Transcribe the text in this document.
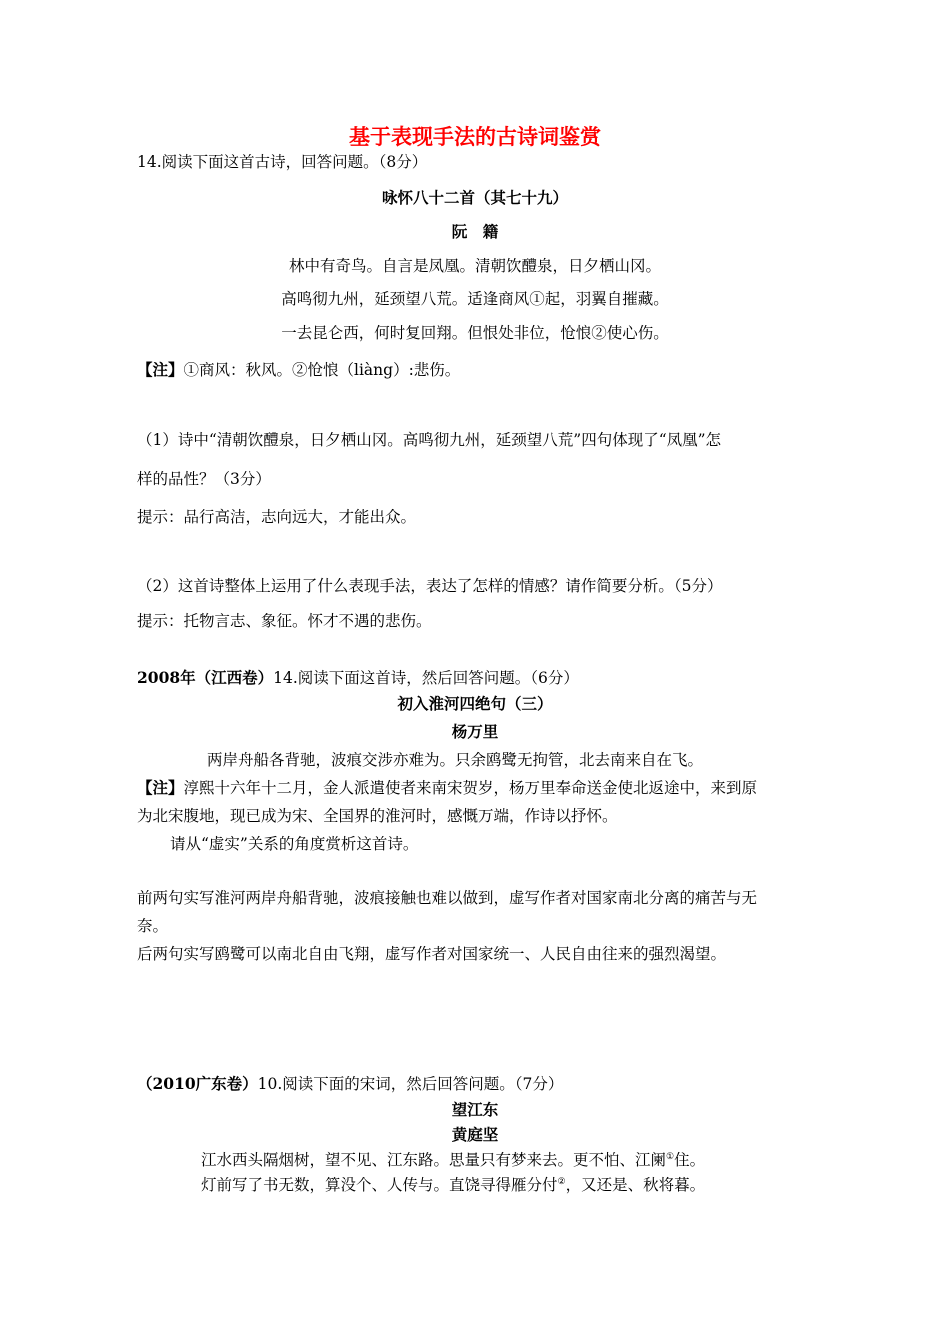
基于表现手法的古诗词鉴赏
14.阅读下面这首古诗，回答问题。（8分）
咏怀八十二首（其七十九）
阮　籍
林中有奇鸟。自言是凤凰。清朝饮醴泉，日夕栖山冈。
高鸣彻九州，延颈望八荒。适逢商风①起，羽翼自摧藏。
一去昆仑西，何时复回翔。但恨处非位，怆悢②使心伤。
【注】①商风：秋风。②怆悢（liàng）:悲伤。
（1）诗中“清朝饮醴泉，日夕栖山冈。高鸣彻九州，延颈望八荒”四句体现了“凤凰”怎
样的品性？（3分）
提示：品行高洁，志向远大，才能出众。
（2）这首诗整体上运用了什么表现手法，表达了怎样的情感？请作简要分析。（5分）
提示：托物言志、象征。怀才不遇的悲伤。
2008年（江西卷）14.阅读下面这首诗，然后回答问题。（6分）
初入淮河四绝句（三）
杨万里
两岸舟船各背驰，波痕交涉亦难为。只余鸥鹭无拘管，北去南来自在飞。
【注】淳熙十六年十二月，金人派遣使者来南宋贺岁，杨万里奉命送金使北返途中，来到原
为北宋腹地，现已成为宋、全国界的淮河时，感慨万端，作诗以抒怀。
请从“虚实”关系的角度赏析这首诗。
前两句实写淮河两岸舟船背驰，波痕接触也难以做到，虚写作者对国家南北分离的痛苦与无
奈。
后两句实写鸥鹭可以南北自由飞翔，虚写作者对国家统一、人民自由往来的强烈渴望。
（2010广东卷）10.阅读下面的宋词，然后回答问题。（7分）
望江东
黄庭坚
江水西头隔烟树，望不见、江东路。思量只有梦来去。更不怕、江阑①住。
灯前写了书无数，算没个、人传与。直饶寻得雁分付②，又还是、秋将暮。
